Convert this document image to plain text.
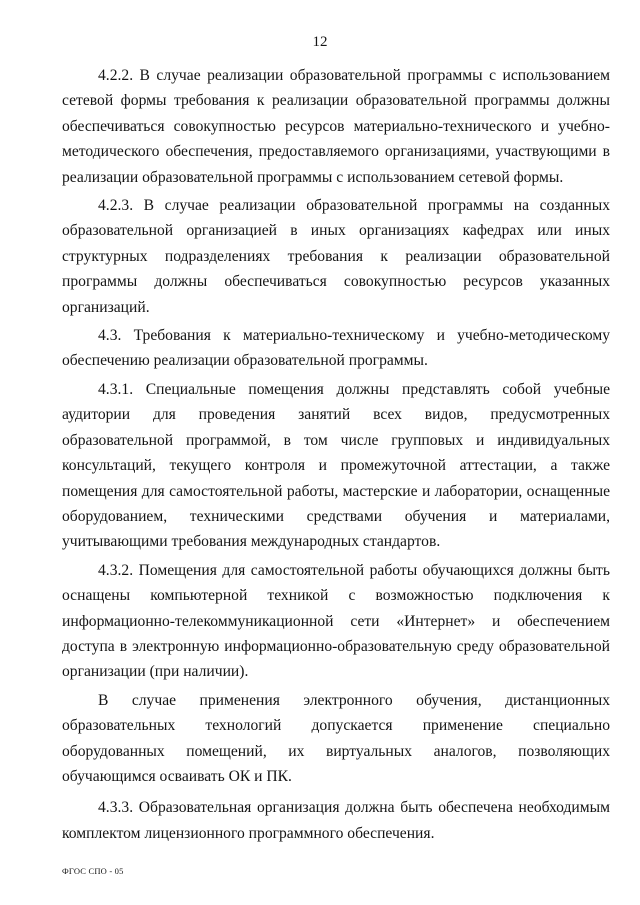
12

4.2.2. В случае реализации образовательной программы с использованием сетевой формы требования к реализации образовательной программы должны обеспечиваться совокупностью ресурсов материально-технического и учебно-методического обеспечения, предоставляемого организациями, участвующими в реализации образовательной программы с использованием сетевой формы.

4.2.3. В случае реализации образовательной программы на созданных образовательной организацией в иных организациях кафедрах или иных структурных подразделениях требования к реализации образовательной программы должны обеспечиваться совокупностью ресурсов указанных организаций.

4.3. Требования к материально-техническому и учебно-методическому обеспечению реализации образовательной программы.

4.3.1. Специальные помещения должны представлять собой учебные аудитории для проведения занятий всех видов, предусмотренных образовательной программой, в том числе групповых и индивидуальных консультаций, текущего контроля и промежуточной аттестации, а также помещения для самостоятельной работы, мастерские и лаборатории, оснащенные оборудованием, техническими средствами обучения и материалами, учитывающими требования международных стандартов.

4.3.2. Помещения для самостоятельной работы обучающихся должны быть оснащены компьютерной техникой с возможностью подключения к информационно-телекоммуникационной сети «Интернет» и обеспечением доступа в электронную информационно-образовательную среду образовательной организации (при наличии).

В случае применения электронного обучения, дистанционных образовательных технологий допускается применение специально оборудованных помещений, их виртуальных аналогов, позволяющих обучающимся осваивать ОК и ПК.

4.3.3. Образовательная организация должна быть обеспечена необходимым комплектом лицензионного программного обеспечения.

ФГОС СПО - 05
